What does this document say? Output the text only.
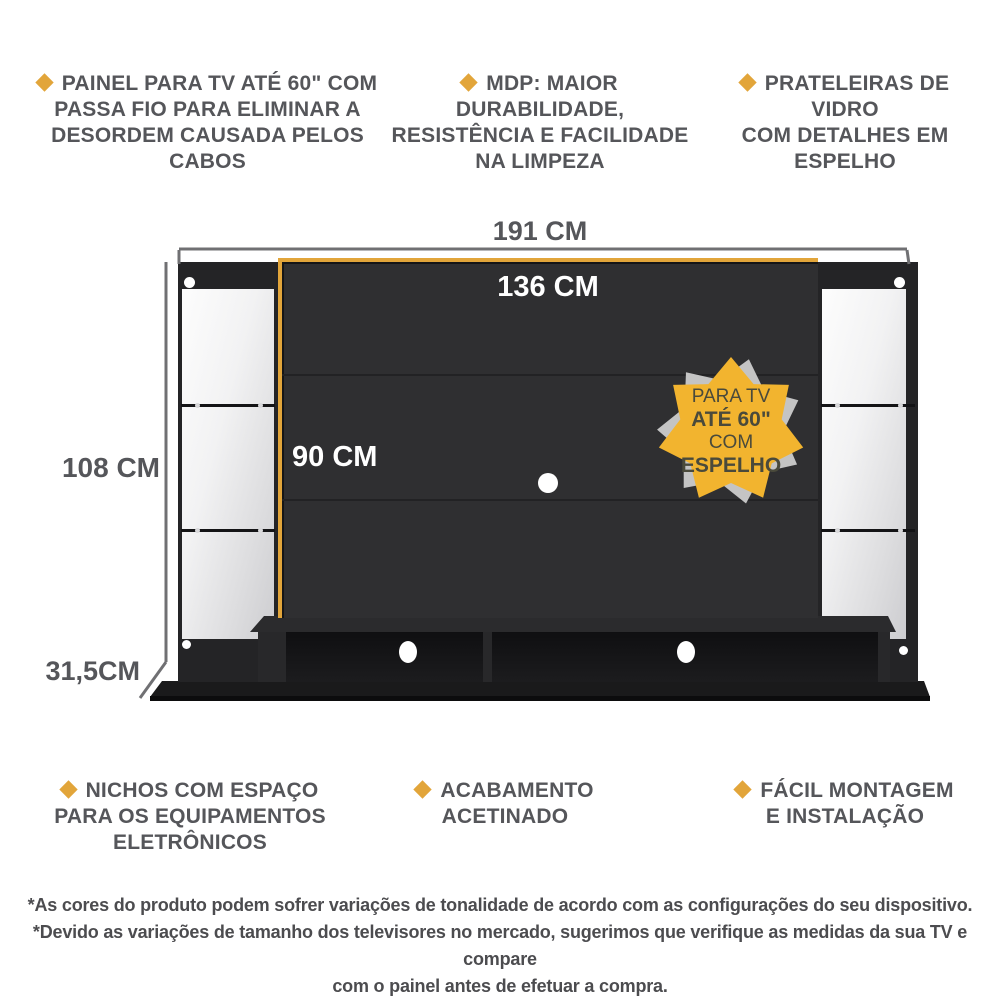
PAINEL PARA TV ATÉ 60" COM
PASSA FIO PARA ELIMINAR A
DESORDEM CAUSADA PELOS CABOS
MDP: MAIOR DURABILIDADE,
RESISTÊNCIA E FACILIDADE
NA LIMPEZA
PRATELEIRAS DE VIDRO
COM DETALHES EM
ESPELHO
191 CM
108 CM
31,5CM
136 CM
90 CM
PARA TV
ATÉ 60"
COM
ESPELHO
NICHOS COM ESPAÇO
PARA OS EQUIPAMENTOS
ELETRÔNICOS
ACABAMENTO
ACETINADO
FÁCIL MONTAGEM
E INSTALAÇÃO
*As cores do produto podem sofrer variações de tonalidade de acordo com as configurações do seu dispositivo.
*Devido as variações de tamanho dos televisores no mercado, sugerimos que verifique as medidas da sua TV e compare
com o painel antes de efetuar a compra.
